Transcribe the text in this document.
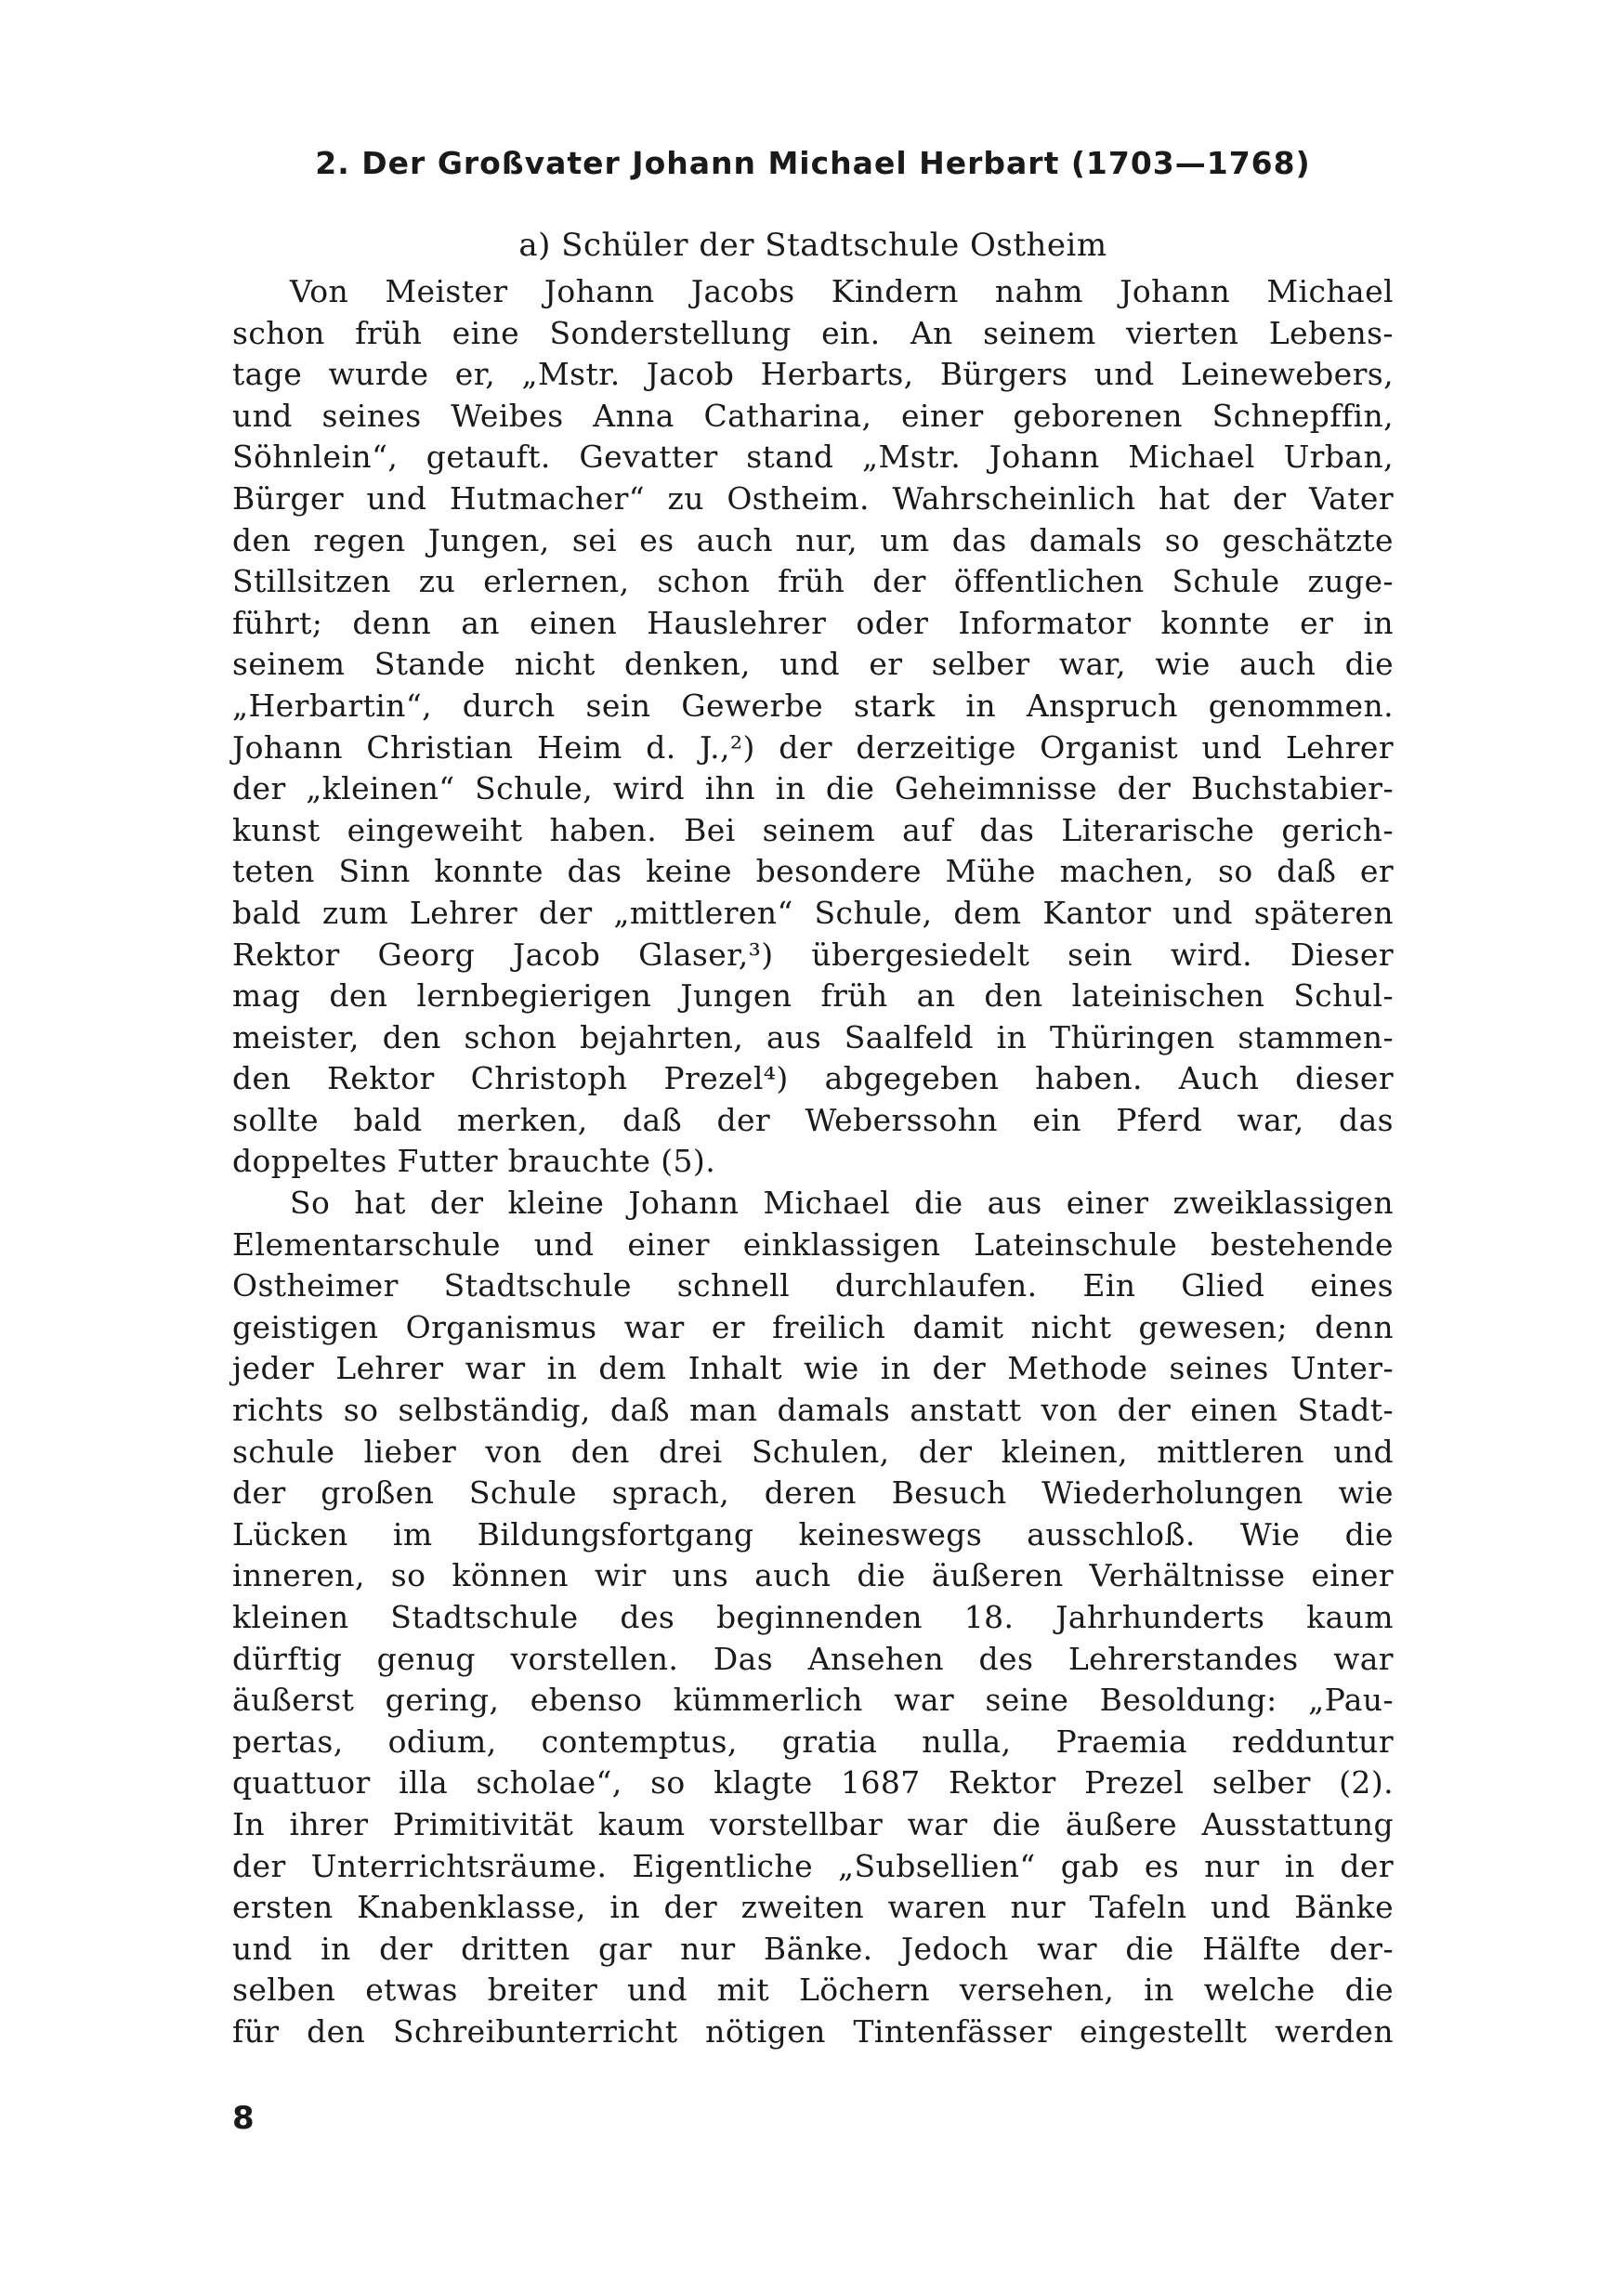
2. Der Großvater Johann Michael Herbart (1703—1768)
a) Schüler der Stadtschule Ostheim
Von Meister Johann Jacobs Kindern nahm Johann Michael
schon früh eine Sonderstellung ein. An seinem vierten Lebens-
tage wurde er, „Mstr. Jacob Herbarts, Bürgers und Leinewebers,
und seines Weibes Anna Catharina, einer geborenen Schnepffin,
Söhnlein“, getauft. Gevatter stand „Mstr. Johann Michael Urban,
Bürger und Hutmacher“ zu Ostheim. Wahrscheinlich hat der Vater
den regen Jungen, sei es auch nur, um das damals so geschätzte
Stillsitzen zu erlernen, schon früh der öffentlichen Schule zuge-
führt; denn an einen Hauslehrer oder Informator konnte er in
seinem Stande nicht denken, und er selber war, wie auch die
„Herbartin“, durch sein Gewerbe stark in Anspruch genommen.
Johann Christian Heim d. J.,²) der derzeitige Organist und Lehrer
der „kleinen“ Schule, wird ihn in die Geheimnisse der Buchstabier-
kunst eingeweiht haben. Bei seinem auf das Literarische gerich-
teten Sinn konnte das keine besondere Mühe machen, so daß er
bald zum Lehrer der „mittleren“ Schule, dem Kantor und späteren
Rektor Georg Jacob Glaser,³) übergesiedelt sein wird. Dieser
mag den lernbegierigen Jungen früh an den lateinischen Schul-
meister, den schon bejahrten, aus Saalfeld in Thüringen stammen-
den Rektor Christoph Prezel⁴) abgegeben haben. Auch dieser
sollte bald merken, daß der Weberssohn ein Pferd war, das
doppeltes Futter brauchte (5).
So hat der kleine Johann Michael die aus einer zweiklassigen
Elementarschule und einer einklassigen Lateinschule bestehende
Ostheimer Stadtschule schnell durchlaufen. Ein Glied eines
geistigen Organismus war er freilich damit nicht gewesen; denn
jeder Lehrer war in dem Inhalt wie in der Methode seines Unter-
richts so selbständig, daß man damals anstatt von der einen Stadt-
schule lieber von den drei Schulen, der kleinen, mittleren und
der großen Schule sprach, deren Besuch Wiederholungen wie
Lücken im Bildungsfortgang keineswegs ausschloß. Wie die
inneren, so können wir uns auch die äußeren Verhältnisse einer
kleinen Stadtschule des beginnenden 18. Jahrhunderts kaum
dürftig genug vorstellen. Das Ansehen des Lehrerstandes war
äußerst gering, ebenso kümmerlich war seine Besoldung: „Pau-
pertas, odium, contemptus, gratia nulla, Praemia redduntur
quattuor illa scholae“, so klagte 1687 Rektor Prezel selber (2).
In ihrer Primitivität kaum vorstellbar war die äußere Ausstattung
der Unterrichtsräume. Eigentliche „Subsellien“ gab es nur in der
ersten Knabenklasse, in der zweiten waren nur Tafeln und Bänke
und in der dritten gar nur Bänke. Jedoch war die Hälfte der-
selben etwas breiter und mit Löchern versehen, in welche die
für den Schreibunterricht nötigen Tintenfässer eingestellt werden
8
